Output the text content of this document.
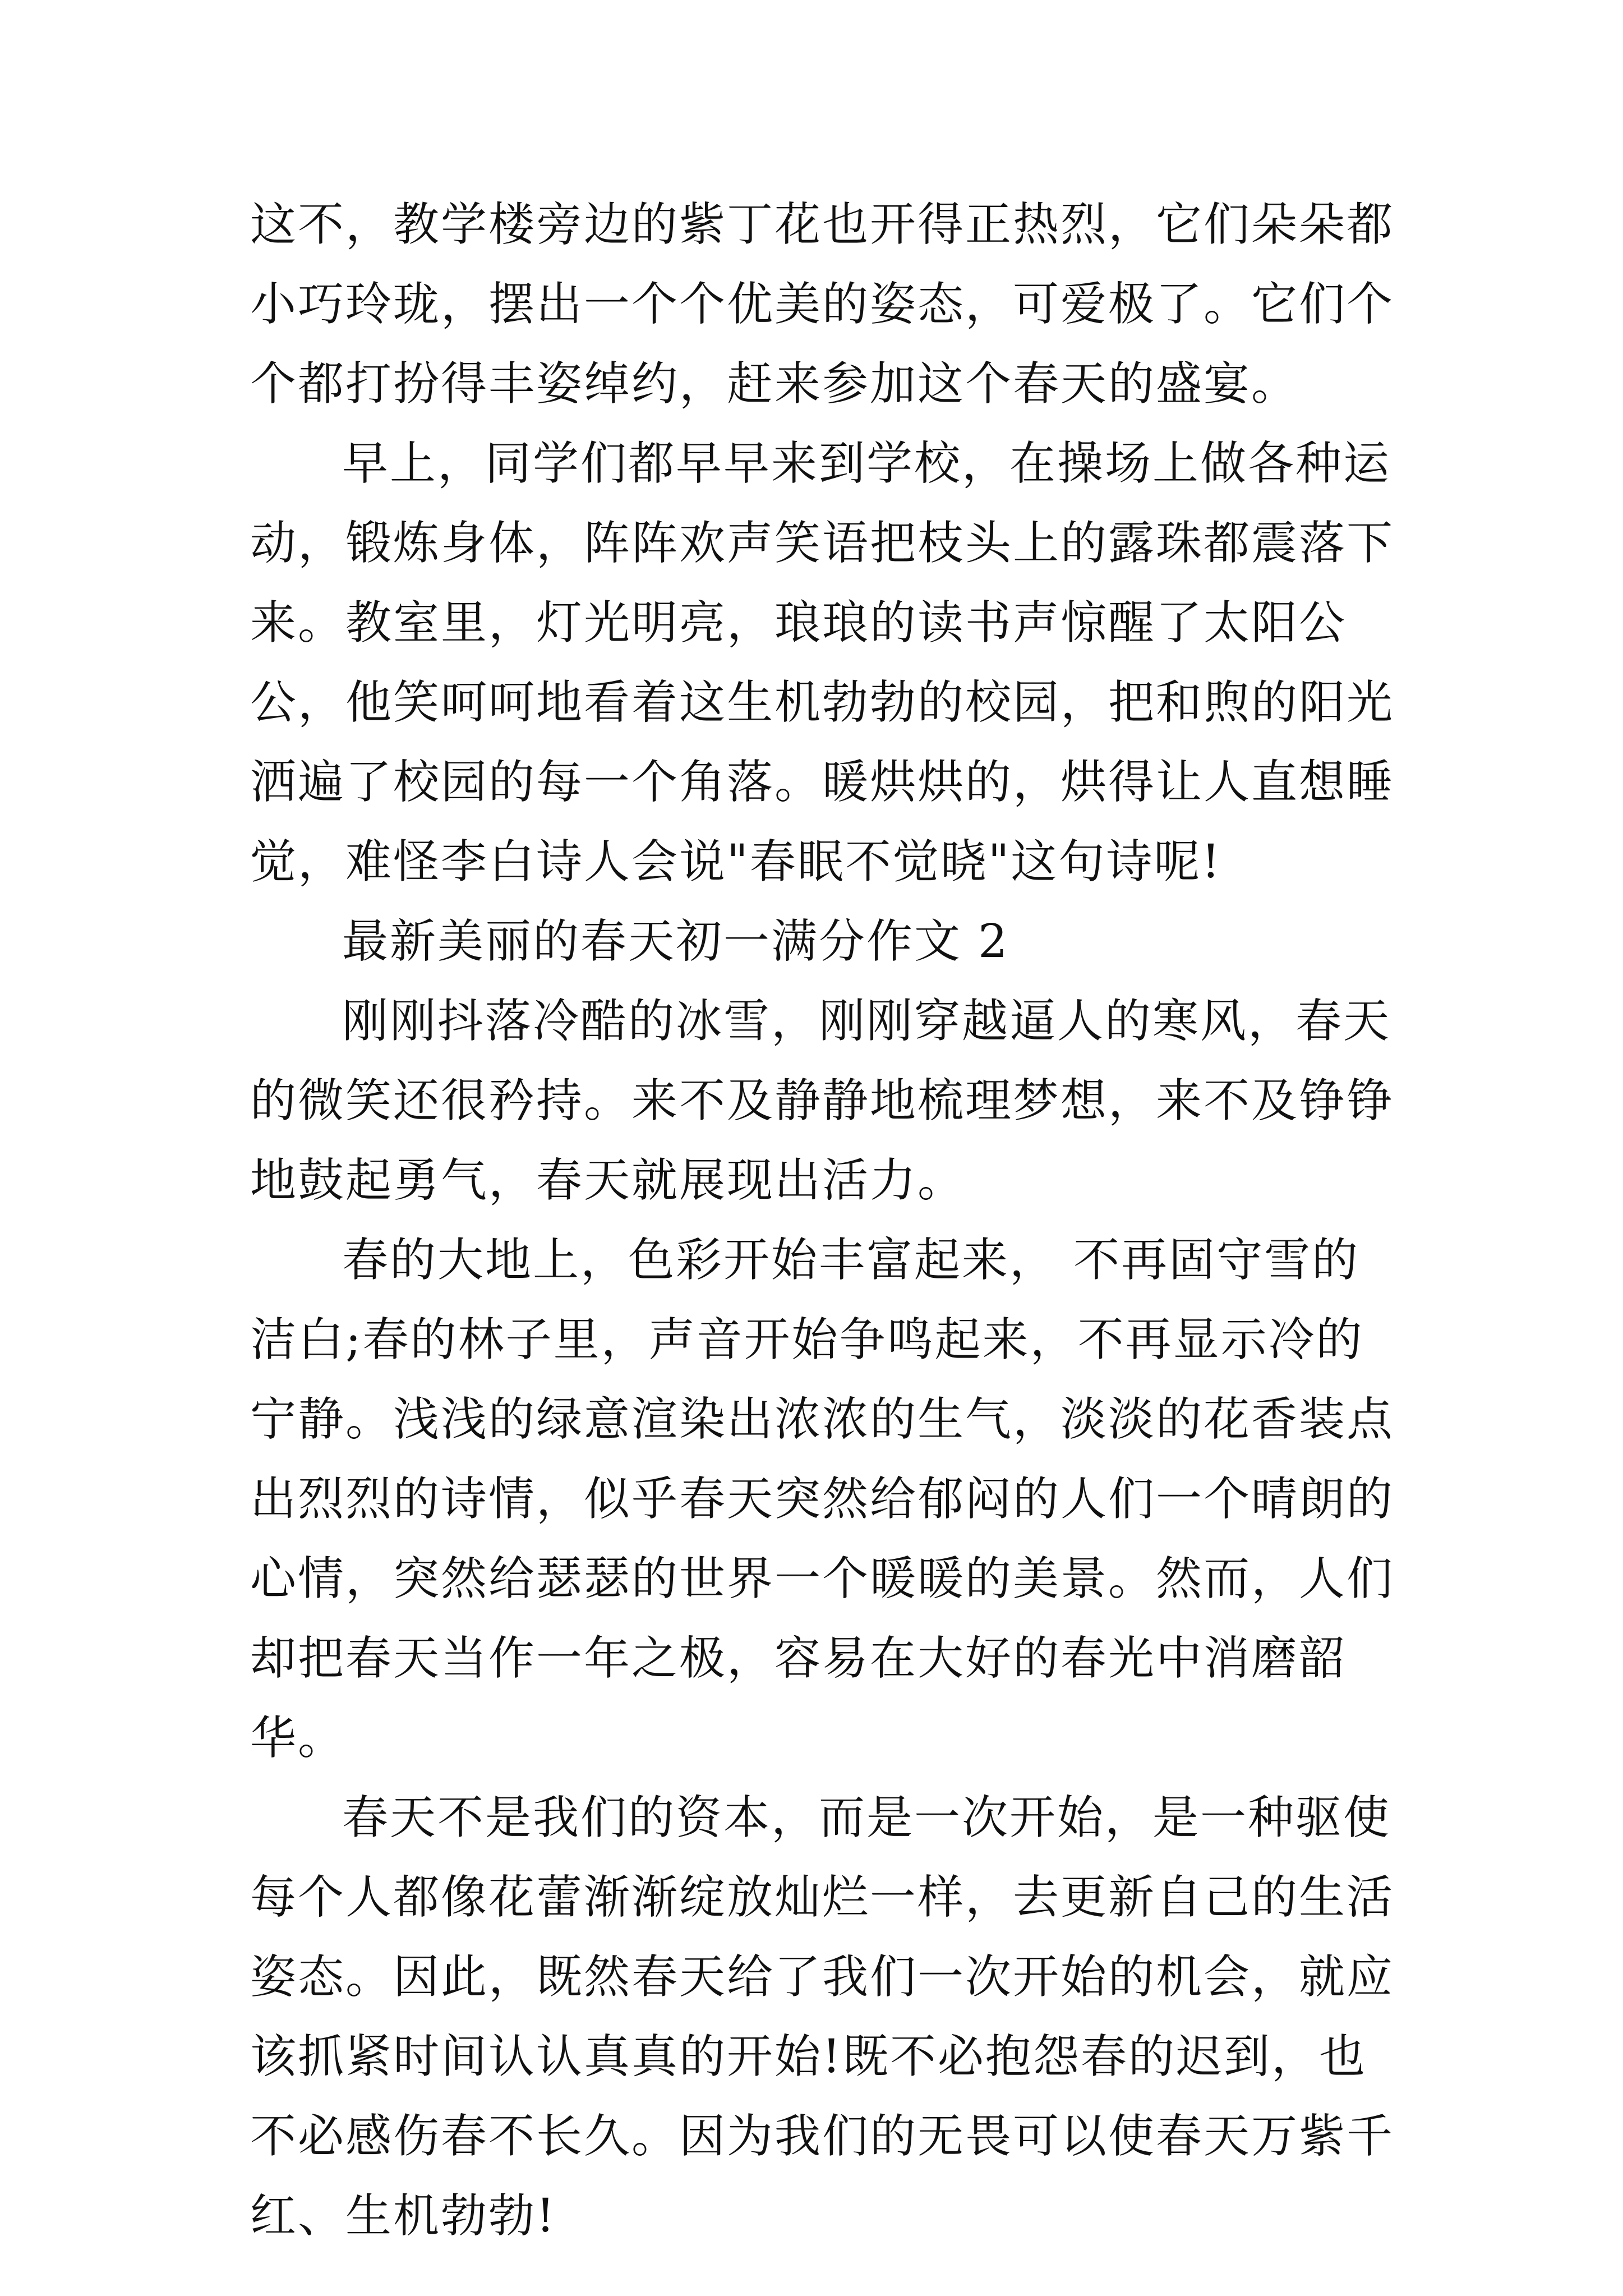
这不，教学楼旁边的紫丁花也开得正热烈，它们朵朵都小巧玲珑，摆出一个个优美的姿态，可爱极了。它们个个都打扮得丰姿绰约，赶来参加这个春天的盛宴。

早上，同学们都早早来到学校，在操场上做各种运动，锻炼身体，阵阵欢声笑语把枝头上的露珠都震落下来。教室里，灯光明亮，琅琅的读书声惊醒了太阳公公，他笑呵呵地看着这生机勃勃的校园，把和煦的阳光洒遍了校园的每一个角落。暖烘烘的，烘得让人直想睡觉，难怪李白诗人会说"春眠不觉晓"这句诗呢!

最新美丽的春天初一满分作文 2

刚刚抖落冷酷的冰雪，刚刚穿越逼人的寒风，春天的微笑还很矜持。来不及静静地梳理梦想，来不及铮铮地鼓起勇气，春天就展现出活力。

春的大地上，色彩开始丰富起来， 不再固守雪的洁白;春的林子里，声音开始争鸣起来，不再显示冷的宁静。浅浅的绿意渲染出浓浓的生气，淡淡的花香装点出烈烈的诗情，似乎春天突然给郁闷的人们一个晴朗的心情，突然给瑟瑟的世界一个暖暖的美景。然而，人们却把春天当作一年之极，容易在大好的春光中消磨韶华。

春天不是我们的资本，而是一次开始，是一种驱使每个人都像花蕾渐渐绽放灿烂一样，去更新自己的生活姿态。因此，既然春天给了我们一次开始的机会，就应该抓紧时间认认真真的开始!既不必抱怨春的迟到，也不必感伤春不长久。因为我们的无畏可以使春天万紫千红、生机勃勃!
